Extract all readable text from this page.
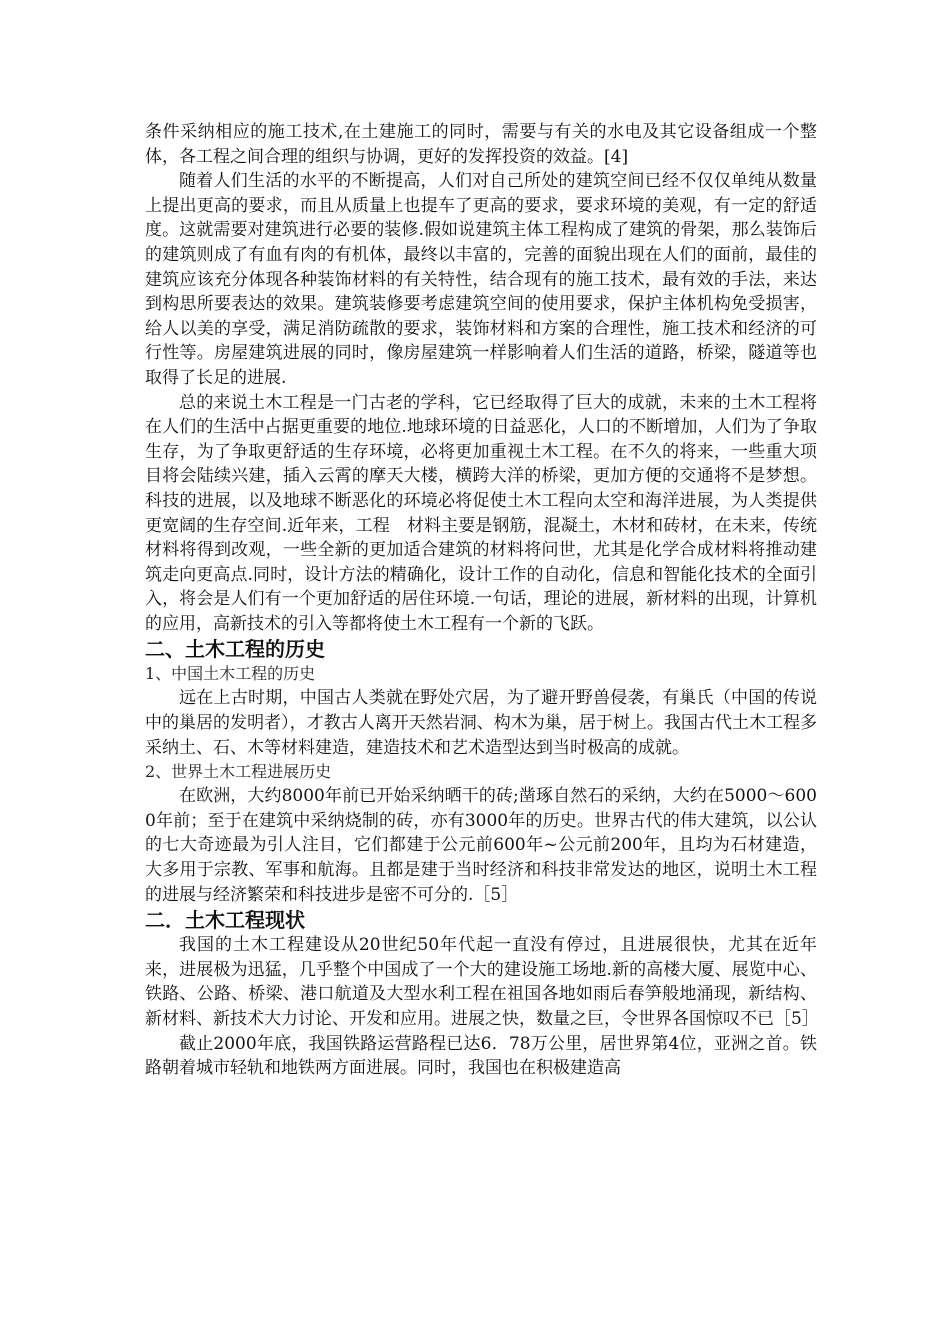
条件采纳相应的施工技术,在土建施工的同时，需要与有关的水电及其它设备组成一个整体，各工程之间合理的组织与协调，更好的发挥投资的效益。[4]

随着人们生活的水平的不断提高，人们对自己所处的建筑空间已经不仅仅单纯从数量上提出更高的要求，而且从质量上也提车了更高的要求，要求环境的美观，有一定的舒适度。这就需要对建筑进行必要的装修.假如说建筑主体工程构成了建筑的骨架，那么装饰后的建筑则成了有血有肉的有机体，最终以丰富的，完善的面貌出现在人们的面前，最佳的建筑应该充分体现各种装饰材料的有关特性，结合现有的施工技术，最有效的手法，来达到构思所要表达的效果。建筑装修要考虑建筑空间的使用要求，保护主体机构免受损害，给人以美的享受，满足消防疏散的要求，装饰材料和方案的合理性，施工技术和经济的可行性等。房屋建筑进展的同时，像房屋建筑一样影响着人们生活的道路，桥梁，隧道等也取得了长足的进展.

总的来说土木工程是一门古老的学科，它已经取得了巨大的成就，未来的土木工程将在人们的生活中占据更重要的地位.地球环境的日益恶化，人口的不断增加，人们为了争取生存，为了争取更舒适的生存环境，必将更加重视土木工程。在不久的将来，一些重大项目将会陆续兴建，插入云霄的摩天大楼，横跨大洋的桥梁，更加方便的交通将不是梦想。科技的进展，以及地球不断恶化的环境必将促使土木工程向太空和海洋进展，为人类提供更宽阔的生存空间.近年来，工程　材料主要是钢筋，混凝土，木材和砖材，在未来，传统材料将得到改观，一些全新的更加适合建筑的材料将问世，尤其是化学合成材料将推动建筑走向更高点.同时，设计方法的精确化，设计工作的自动化，信息和智能化技术的全面引入，将会是人们有一个更加舒适的居住环境.一句话，理论的进展，新材料的出现，计算机的应用，高新技术的引入等都将使土木工程有一个新的飞跃。

二、土木工程的历史

1、中国土木工程的历史

远在上古时期，中国古人类就在野处穴居，为了避开野兽侵袭，有巢氏（中国的传说中的巢居的发明者），才教古人离开天然岩洞、构木为巢，居于树上。我国古代土木工程多采纳土、石、木等材料建造，建造技术和艺术造型达到当时极高的成就。

2、世界土木工程进展历史

在欧洲，大约8000年前已开始采纳晒干的砖;凿琢自然石的采纳，大约在5000～6000年前；至于在建筑中采纳烧制的砖，亦有3000年的历史。世界古代的伟大建筑，以公认的七大奇迹最为引人注目，它们都建于公元前600年~公元前200年，且均为石材建造，大多用于宗教、军事和航海。且都是建于当时经济和科技非常发达的地区，说明土木工程的进展与经济繁荣和科技进步是密不可分的.［5］

二．土木工程现状

我国的土木工程建设从20世纪50年代起一直没有停过，且进展很快，尤其在近年来，进展极为迅猛，几乎整个中国成了一个大的建设施工场地.新的高楼大厦、展览中心、铁路、公路、桥梁、港口航道及大型水利工程在祖国各地如雨后春笋般地涌现，新结构、新材料、新技术大力讨论、开发和应用。进展之快，数量之巨，令世界各国惊叹不已［5］

截止2000年底，我国铁路运营路程已达6．78万公里，居世界第4位，亚洲之首。铁路朝着城市轻轨和地铁两方面进展。同时，我国也在积极建造高
